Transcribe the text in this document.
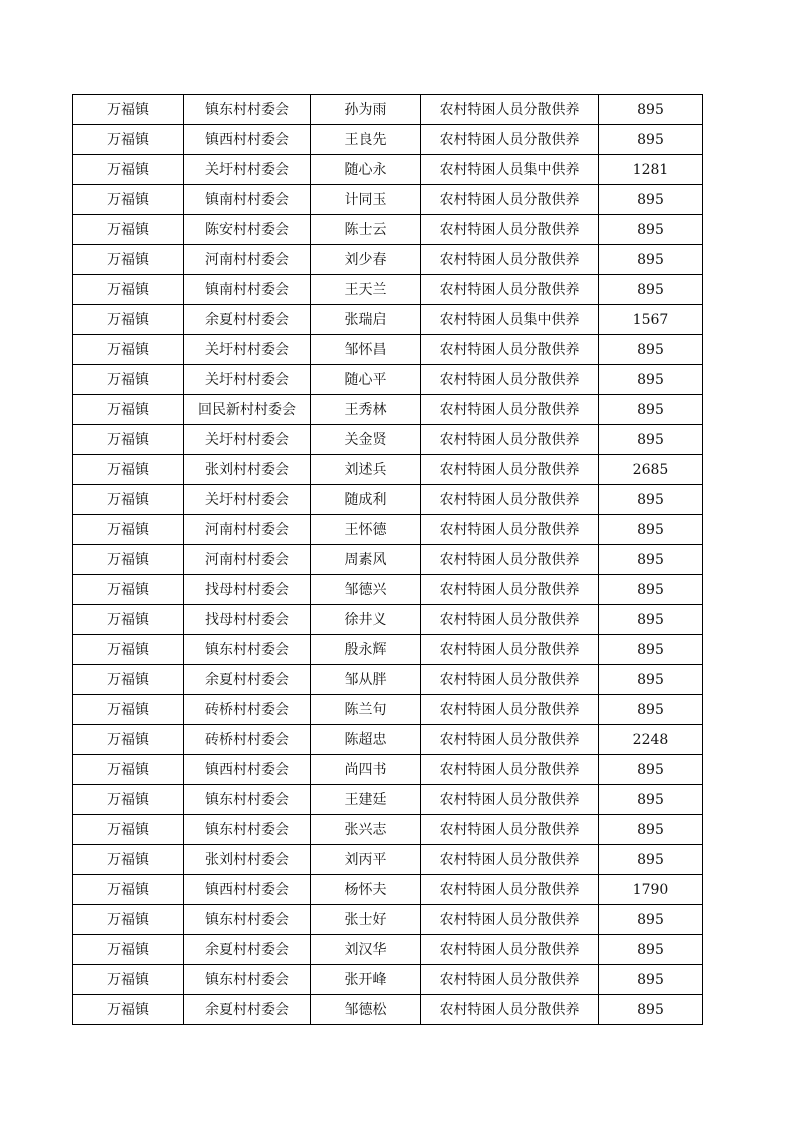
万福镇	镇东村村委会	孙为雨	农村特困人员分散供养	895
万福镇	镇西村村委会	王良先	农村特困人员分散供养	895
万福镇	关圩村村委会	随心永	农村特困人员集中供养	1281
万福镇	镇南村村委会	计同玉	农村特困人员分散供养	895
万福镇	陈安村村委会	陈士云	农村特困人员分散供养	895
万福镇	河南村村委会	刘少春	农村特困人员分散供养	895
万福镇	镇南村村委会	王天兰	农村特困人员分散供养	895
万福镇	余夏村村委会	张瑞启	农村特困人员集中供养	1567
万福镇	关圩村村委会	邹怀昌	农村特困人员分散供养	895
万福镇	关圩村村委会	随心平	农村特困人员分散供养	895
万福镇	回民新村村委会	王秀林	农村特困人员分散供养	895
万福镇	关圩村村委会	关金贤	农村特困人员分散供养	895
万福镇	张刘村村委会	刘述兵	农村特困人员分散供养	2685
万福镇	关圩村村委会	随成利	农村特困人员分散供养	895
万福镇	河南村村委会	王怀德	农村特困人员分散供养	895
万福镇	河南村村委会	周素风	农村特困人员分散供养	895
万福镇	找母村村委会	邹德兴	农村特困人员分散供养	895
万福镇	找母村村委会	徐井义	农村特困人员分散供养	895
万福镇	镇东村村委会	殷永辉	农村特困人员分散供养	895
万福镇	余夏村村委会	邹从胖	农村特困人员分散供养	895
万福镇	砖桥村村委会	陈兰句	农村特困人员分散供养	895
万福镇	砖桥村村委会	陈超忠	农村特困人员分散供养	2248
万福镇	镇西村村委会	尚四书	农村特困人员分散供养	895
万福镇	镇东村村委会	王建廷	农村特困人员分散供养	895
万福镇	镇东村村委会	张兴志	农村特困人员分散供养	895
万福镇	张刘村村委会	刘丙平	农村特困人员分散供养	895
万福镇	镇西村村委会	杨怀夫	农村特困人员分散供养	1790
万福镇	镇东村村委会	张士好	农村特困人员分散供养	895
万福镇	余夏村村委会	刘汉华	农村特困人员分散供养	895
万福镇	镇东村村委会	张开峰	农村特困人员分散供养	895
万福镇	余夏村村委会	邹德松	农村特困人员分散供养	895
